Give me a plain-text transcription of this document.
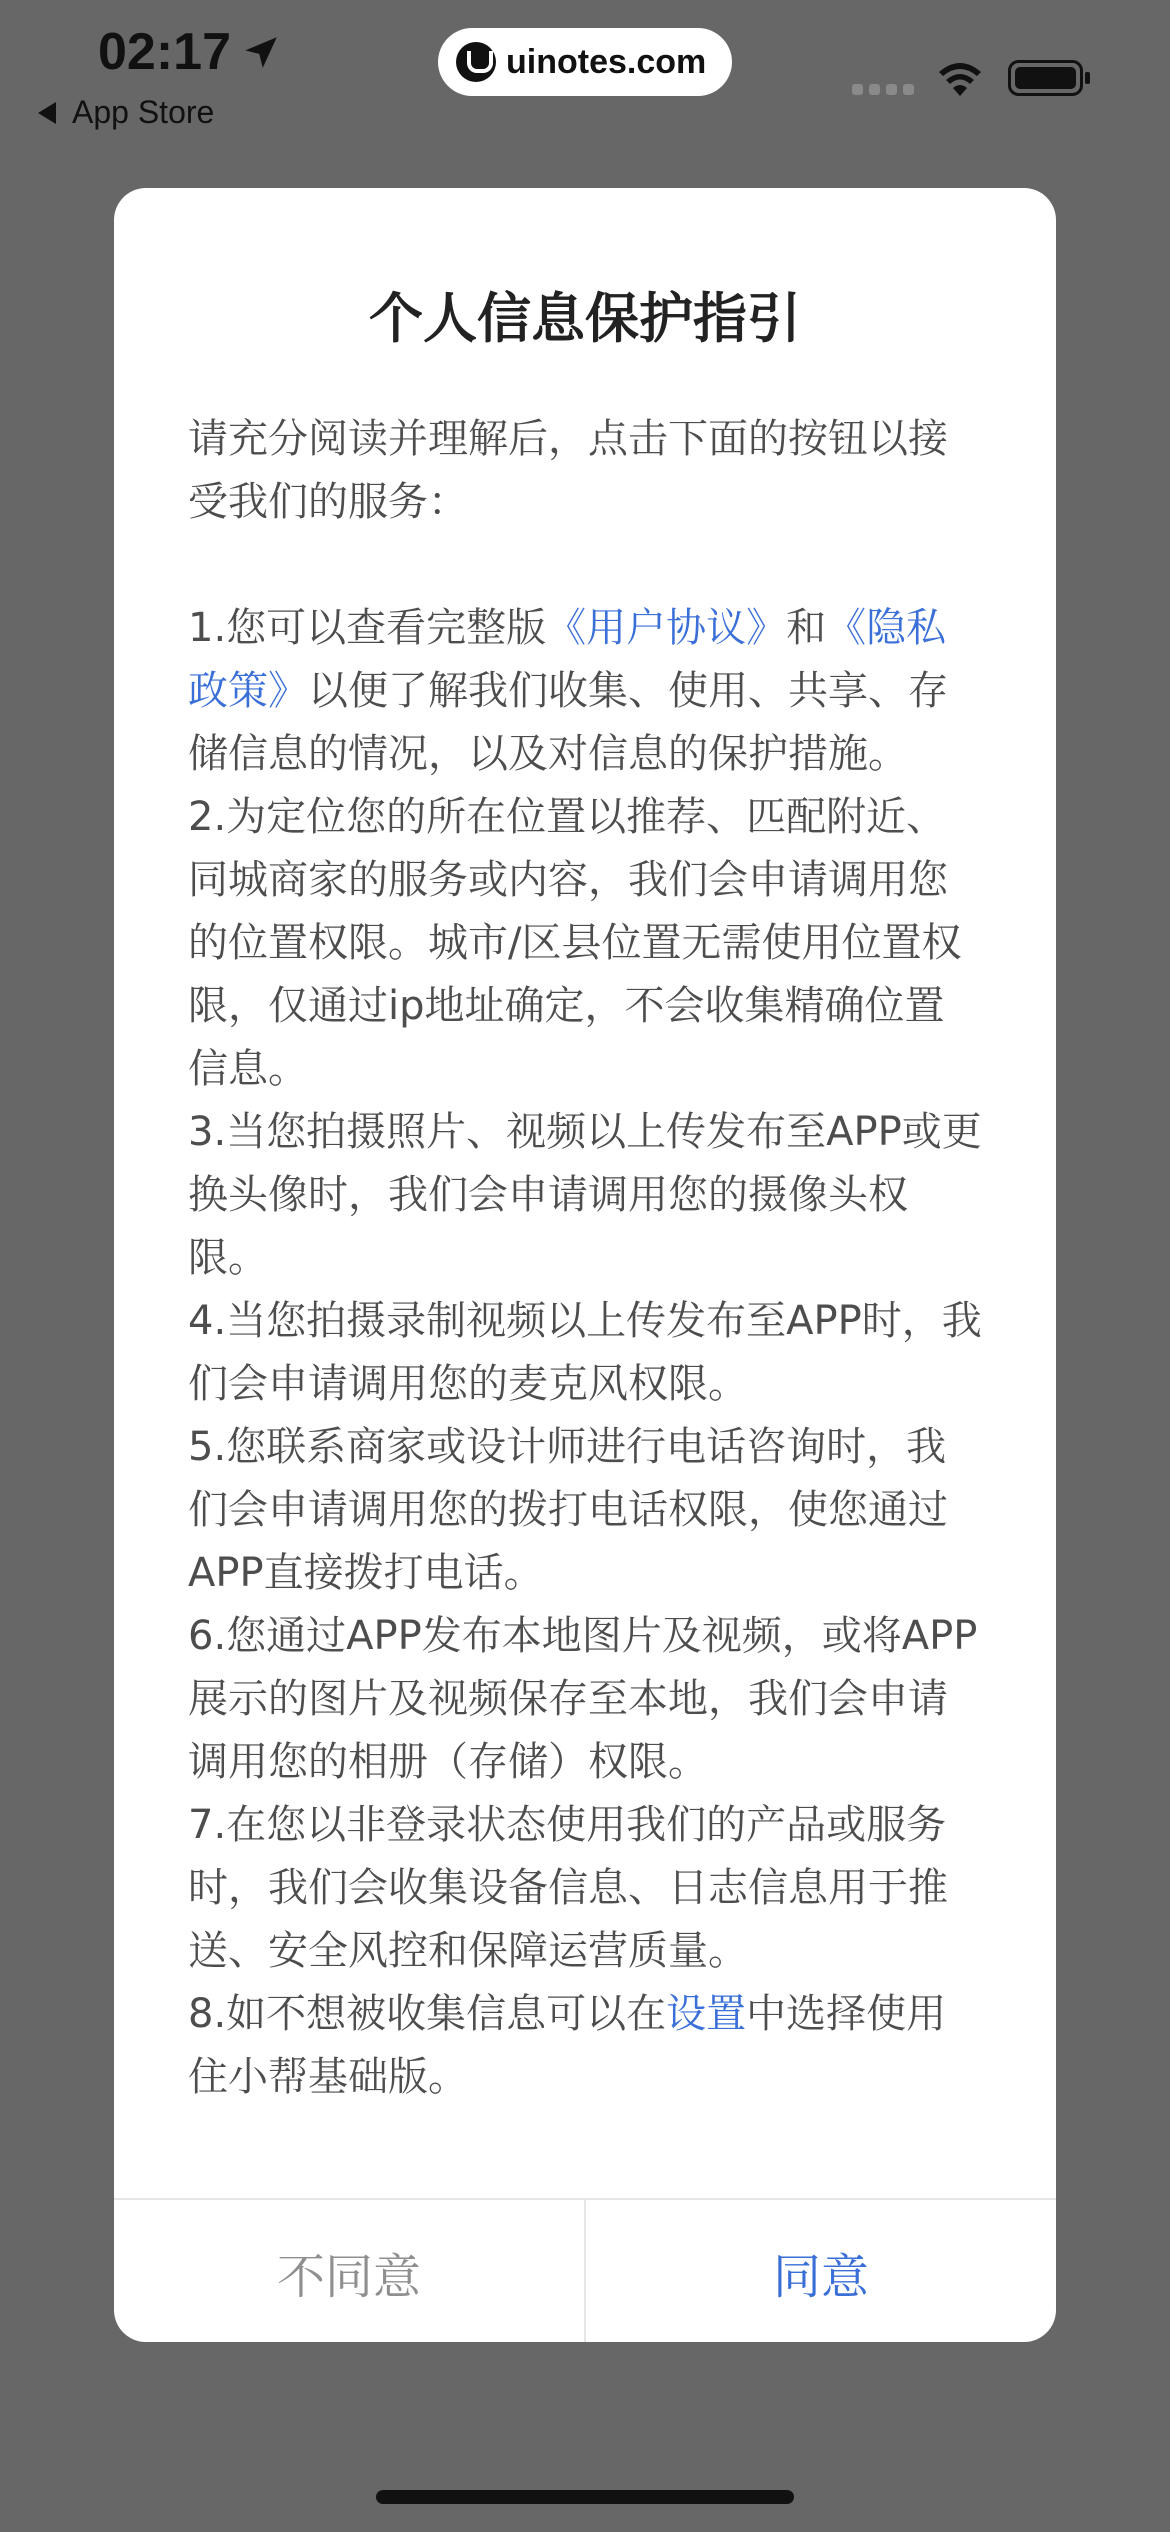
02:17
App Store
uinotes.com
个人信息保护指引

请充分阅读并理解后，点击下面的按钮以接受我们的服务：

1.您可以查看完整版《用户协议》和《隐私政策》以便了解我们收集、使用、共享、存储信息的情况，以及对信息的保护措施。

2.为定位您的所在位置以推荐、匹配附近、同城商家的服务或内容，我们会申请调用您的位置权限。城市/区县位置无需使用位置权限，仅通过ip地址确定，不会收集精确位置信息。

3.当您拍摄照片、视频以上传发布至APP或更换头像时，我们会申请调用您的摄像头权限。

4.当您拍摄录制视频以上传发布至APP时，我们会申请调用您的麦克风权限。

5.您联系商家或设计师进行电话咨询时，我们会申请调用您的拨打电话权限，使您通过APP直接拨打电话。

6.您通过APP发布本地图片及视频，或将APP展示的图片及视频保存至本地，我们会申请调用您的相册（存储）权限。

7.在您以非登录状态使用我们的产品或服务时，我们会收集设备信息、日志信息用于推送、安全风控和保障运营质量。

8.如不想被收集信息可以在设置中选择使用住小帮基础版。

不同意	同意
